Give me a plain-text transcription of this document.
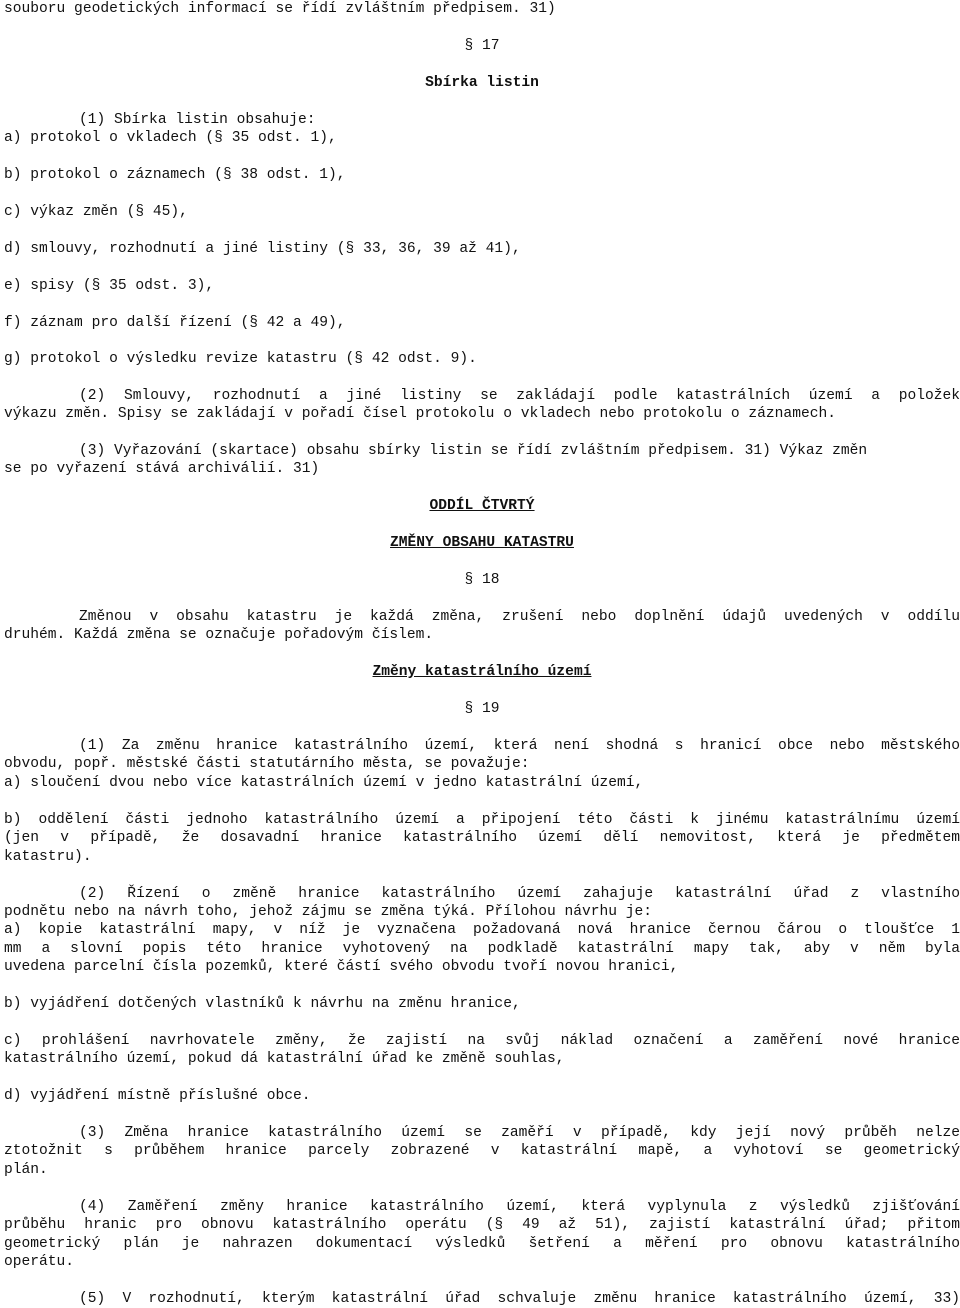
souboru geodetických informací se řídí zvláštním předpisem. 31)
§ 17
Sbírka listin
(1) Sbírka listin obsahuje:
a) protokol o vkladech (§ 35 odst. 1),
b) protokol o záznamech (§ 38 odst. 1),
c) výkaz změn (§ 45),
d) smlouvy, rozhodnutí a jiné listiny (§ 33, 36, 39 až 41),
e) spisy (§ 35 odst. 3),
f) záznam pro další řízení (§ 42 a 49),
g) protokol o výsledku revize katastru (§ 42 odst. 9).
(2) Smlouvy, rozhodnutí a jiné listiny se zakládají podle katastrálních území a položek
výkazu změn. Spisy se zakládají v pořadí čísel protokolu o vkladech nebo protokolu o záznamech.
(3) Vyřazování (skartace) obsahu sbírky listin se řídí zvláštním předpisem. 31) Výkaz změn
se po vyřazení stává archiválií. 31)
ODDÍL ČTVRTÝ
ZMĚNY OBSAHU KATASTRU
§ 18
Změnou v obsahu katastru je každá změna, zrušení nebo doplnění údajů uvedených v oddílu
druhém. Každá změna se označuje pořadovým číslem.
Změny katastrálního území
§ 19
(1) Za změnu hranice katastrálního území, která není shodná s hranicí obce nebo městského
obvodu, popř. městské části statutárního města, se považuje:
a) sloučení dvou nebo více katastrálních území v jedno katastrální území,
b) oddělení části jednoho katastrálního území a připojení této části k jinému katastrálnímu území
(jen v případě, že dosavadní hranice katastrálního území dělí nemovitost, která je předmětem
katastru).
(2) Řízení o změně hranice katastrálního území zahajuje katastrální úřad z vlastního
podnětu nebo na návrh toho, jehož zájmu se změna týká. Přílohou návrhu je:
a) kopie katastrální mapy, v níž je vyznačena požadovaná nová hranice černou čárou o tloušťce 1
mm a slovní popis této hranice vyhotovený na podkladě katastrální mapy tak, aby v něm byla
uvedena parcelní čísla pozemků, které částí svého obvodu tvoří novou hranici,
b) vyjádření dotčených vlastníků k návrhu na změnu hranice,
c) prohlášení navrhovatele změny, že zajistí na svůj náklad označení a zaměření nové hranice
katastrálního území, pokud dá katastrální úřad ke změně souhlas,
d) vyjádření místně příslušné obce.
(3) Změna hranice katastrálního území se zaměří v případě, kdy její nový průběh nelze
ztotožnit s průběhem hranice parcely zobrazené v katastrální mapě, a vyhotoví se geometrický
plán.
(4) Zaměření změny hranice katastrálního území, která vyplynula z výsledků zjišťování
průběhu hranic pro obnovu katastrálního operátu (§ 49 až 51), zajistí katastrální úřad; přitom
geometrický plán je nahrazen dokumentací výsledků šetření a měření pro obnovu katastrálního
operátu.
(5) V rozhodnutí, kterým katastrální úřad schvaluje změnu hranice katastrálního území, 33)
